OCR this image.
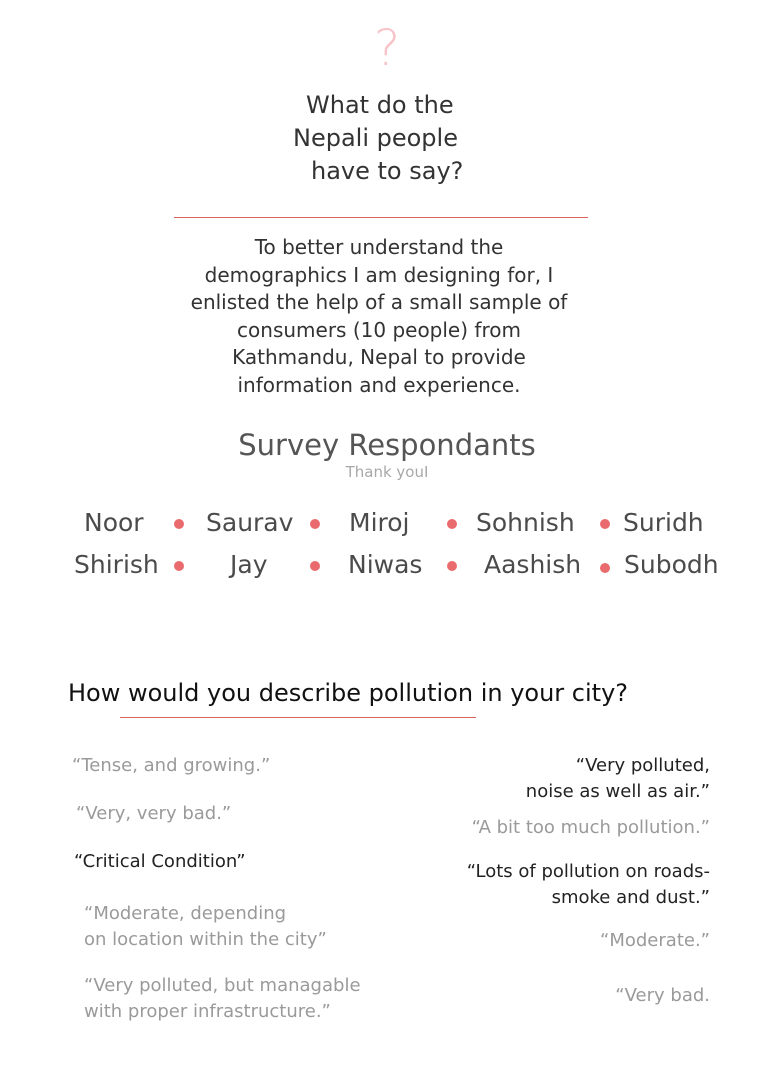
?
What do the
Nepali people
have to say?
To better understand the
demographics I am designing for, I
enlisted the help of a small sample of
consumers (10 people) from
Kathmandu, Nepal to provide
information and experience.
Survey Respondants
Thank youI
Noor Saurav Miroj	Sohnish Suridh
Shirish	Jay	Niwas Aashish Subodh
How would you describe pollution in your city?
“Tense, and growing.”
“Very, very bad.”
“Critical Condition”
“Moderate, depending
on location within the city”
“Very polluted, but managable
with proper infrastructure.”
“Very polluted,
noise as well as air.”
“A bit too much pollution.”
“Lots of pollution on roads-
smoke and dust.”
“Moderate.”
“Very bad.
